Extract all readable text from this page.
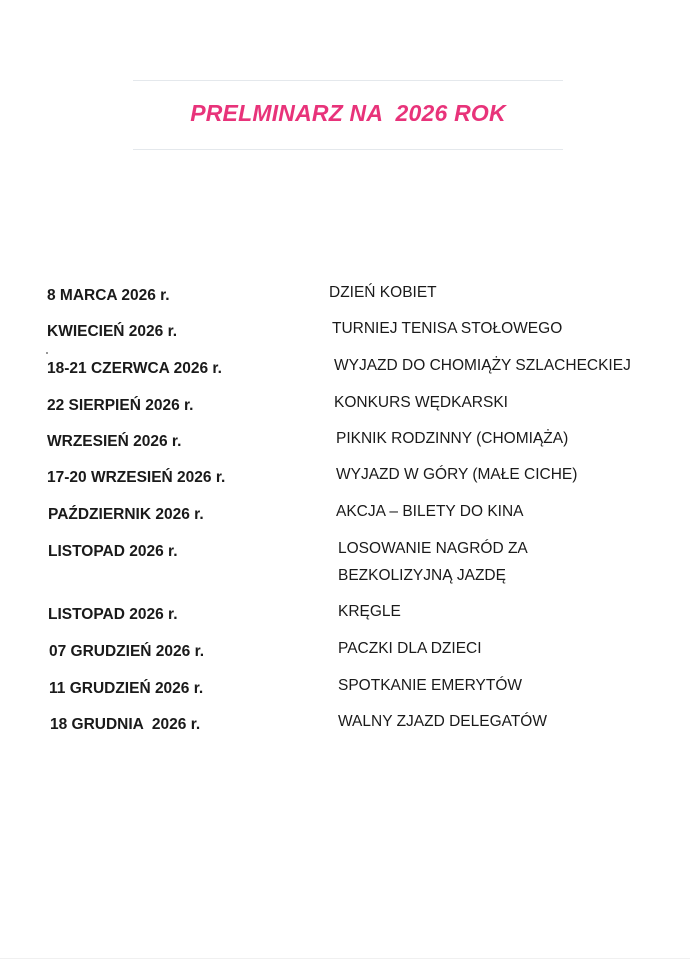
PRELMINARZ NA  2026 ROK
8 MARCA 2026 r.	DZIEŃ KOBIET
KWIECIEŃ 2026 r.	TURNIEJ TENISA STOŁOWEGO
18-21 CZERWCA 2026 r.	WYJAZD DO CHOMIĄŻY SZLACHECKIEJ
22 SIERPIEŃ 2026 r.	KONKURS WĘDKARSKI
WRZESIEŃ 2026 r.	PIKNIK RODZINNY (CHOMIĄŻA)
17-20 WRZESIEŃ 2026 r.	WYJAZD W GÓRY (MAŁE CICHE)
PAŹDZIERNIK 2026 r.	AKCJA – BILETY DO KINA
LISTOPAD 2026 r.	LOSOWANIE NAGRÓD ZA
BEZKOLIZYJNĄ JAZDĘ
LISTOPAD 2026 r.	KRĘGLE
07 GRUDZIEŃ 2026 r.	PACZKI DLA DZIECI
11 GRUDZIEŃ 2026 r.	SPOTKANIE EMERYTÓW
18 GRUDNIA  2026 r.	WALNY ZJAZD DELEGATÓW
